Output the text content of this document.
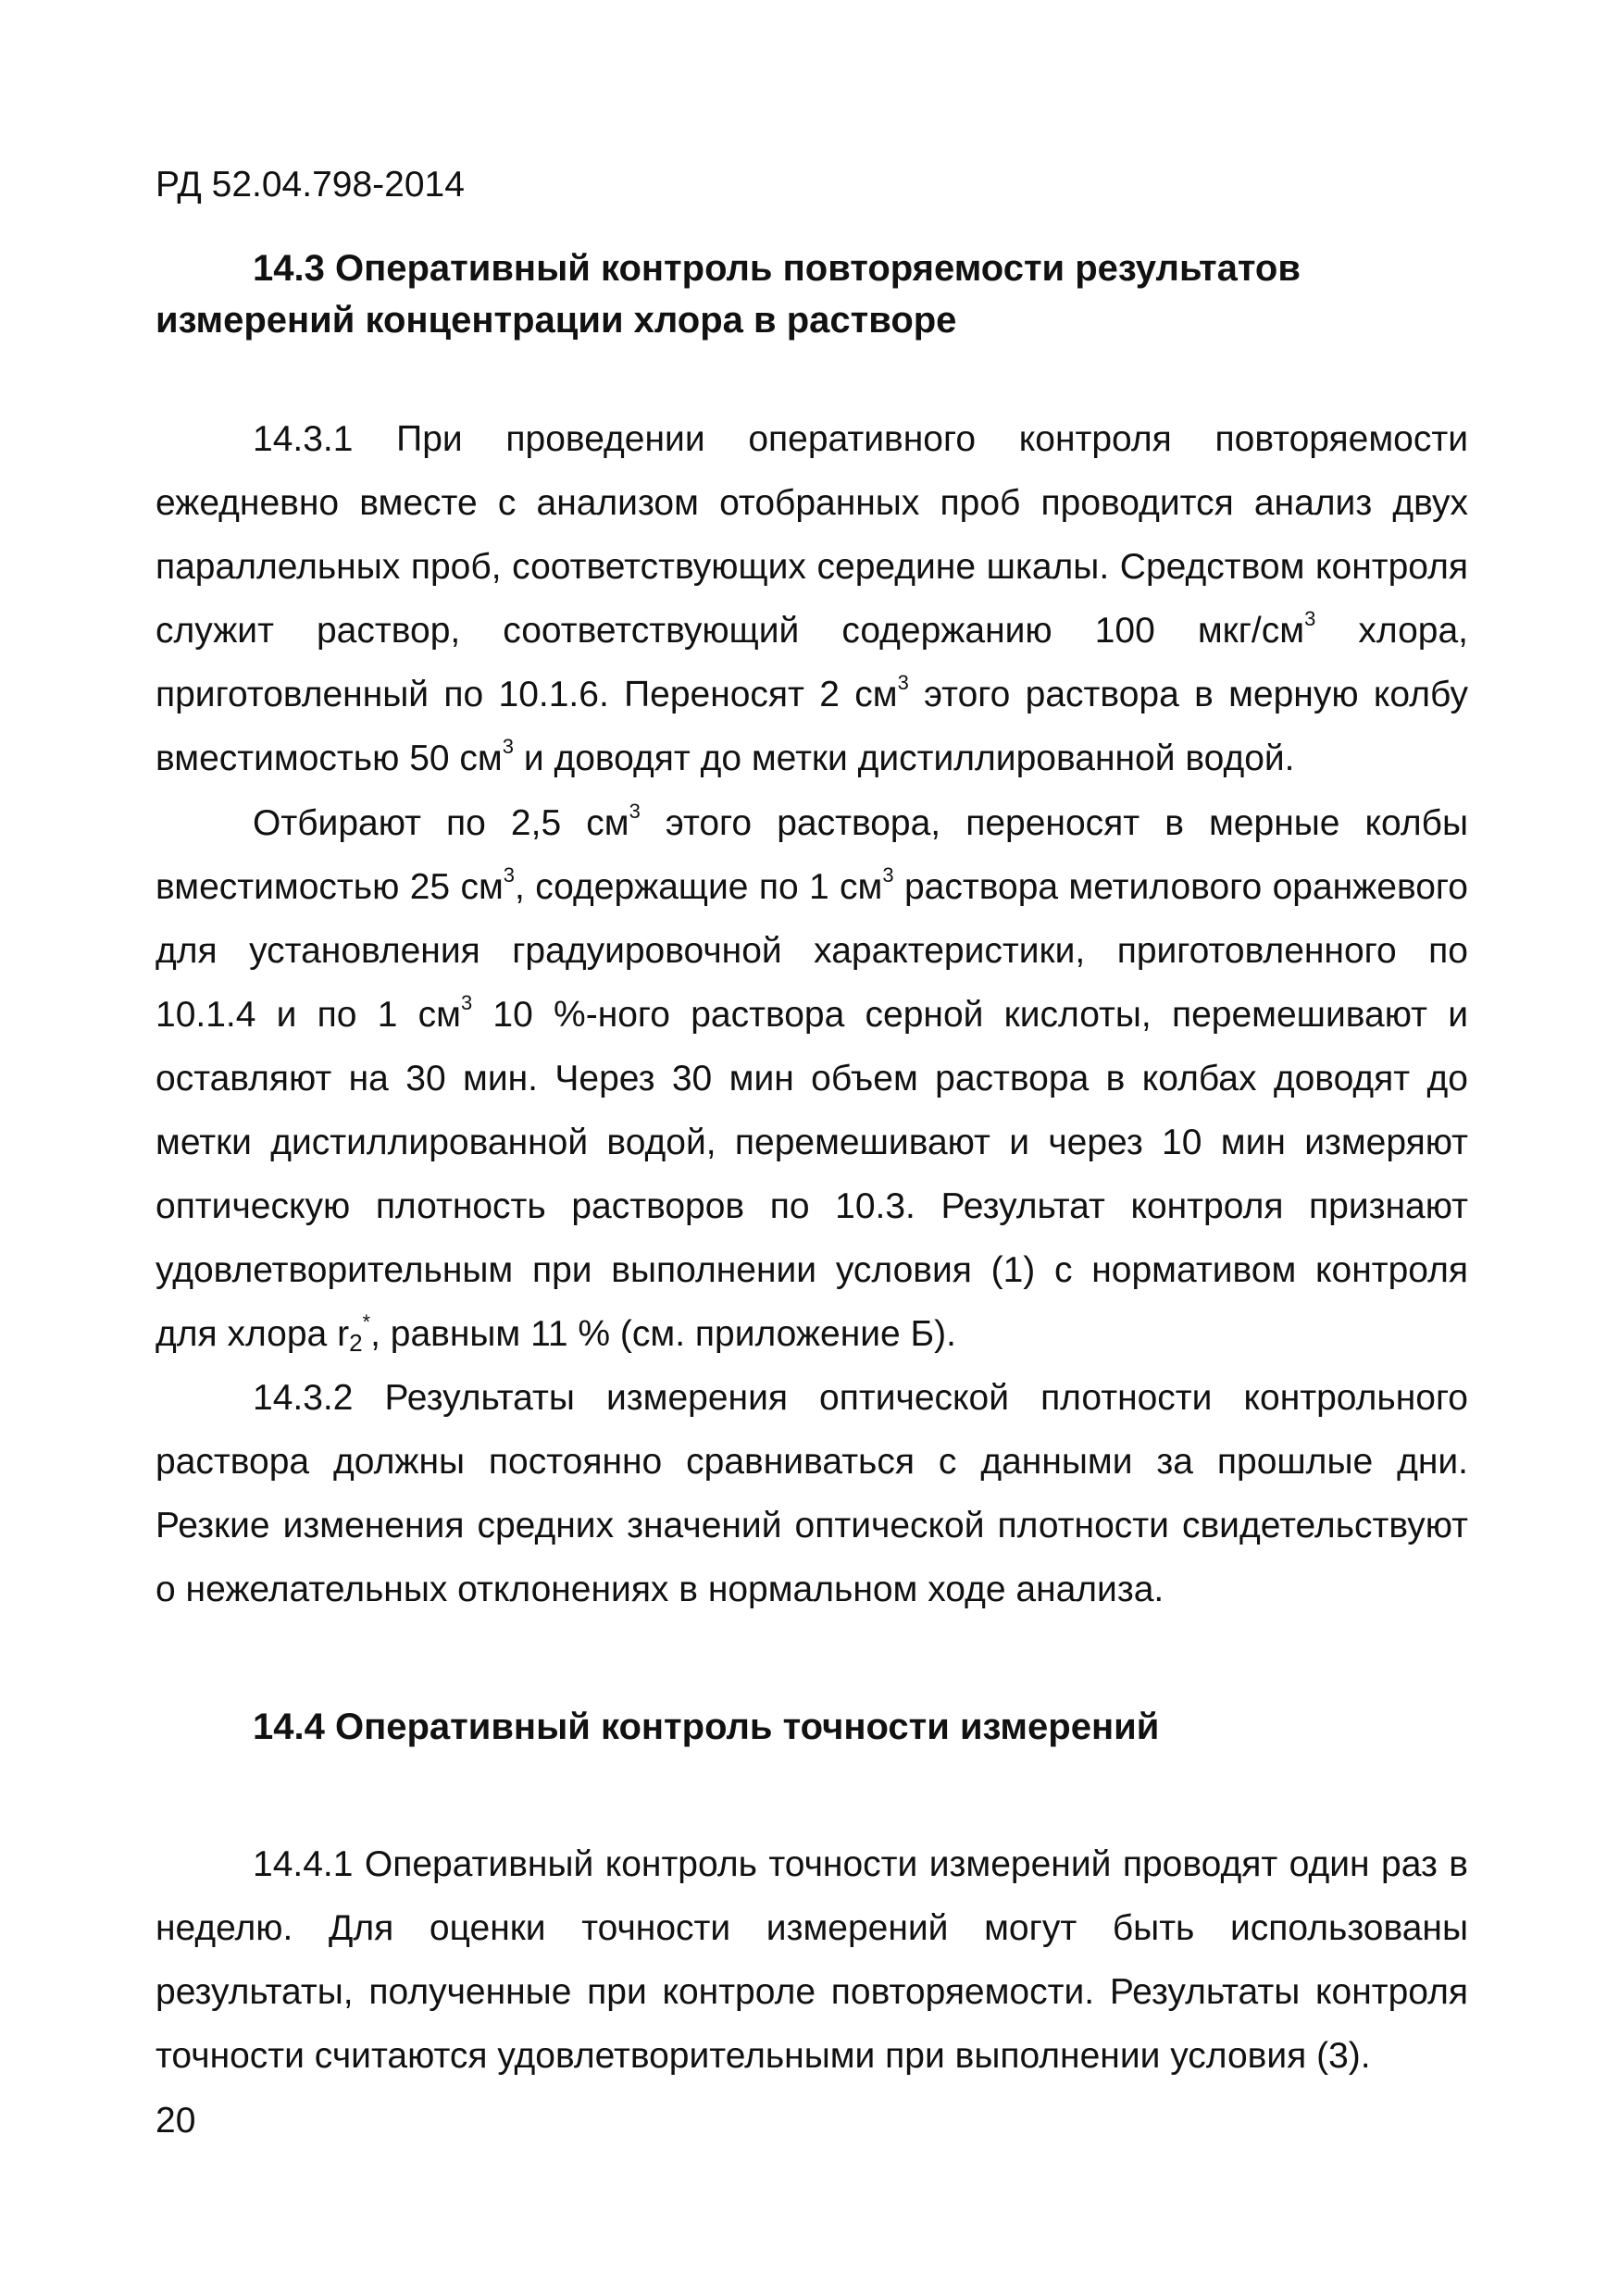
РД 52.04.798-2014
14.3 Оперативный контроль повторяемости результатов
измерений концентрации хлора в растворе

14.3.1 При проведении оперативного контроля повторяемости ежедневно вместе с анализом отобранных проб проводится анализ двух параллельных проб, соответствующих середине шкалы. Средством контроля служит раствор, соответствующий содержанию 100 мкг/$см^3$ хлора, приготовленный по 10.1.6. Переносят 2 $см^3$ этого раствора в мерную колбу вместимостью 50 $см^3$ и доводят до метки дистиллированной водой.

Отбирают по 2,5 $см^3$ этого раствора, переносят в мерные колбы вместимостью 25 $см^3$, содержащие по 1 $см^3$ раствора метилового оранжевого для установления градуировочной характеристики, приготовленного по 10.1.4 и по 1 $см^3$ 10 %-ного раствора серной кислоты, перемешивают и оставляют на 30 мин. Через 30 мин объем раствора в колбах доводят до метки дистиллированной водой, перемешивают и через 10 мин измеряют оптическую плотность растворов по 10.3. Результат контроля признают удовлетворительным при выполнении условия (1) с нормативом контроля для хлора $r_2^*$, равным 11 % (см. приложение Б).

14.3.2 Результаты измерения оптической плотности контрольного раствора должны постоянно сравниваться с данными за прошлые дни. Резкие изменения средних значений оптической плотности свидетельствуют о нежелательных отклонениях в нормальном ходе анализа.

14.4 Оперативный контроль точности измерений

14.4.1 Оперативный контроль точности измерений проводят один раз в неделю. Для оценки точности измерений могут быть использованы результаты, полученные при контроле повторяемости. Результаты контроля точности считаются удовлетворительными при выполнении условия (3).

20
